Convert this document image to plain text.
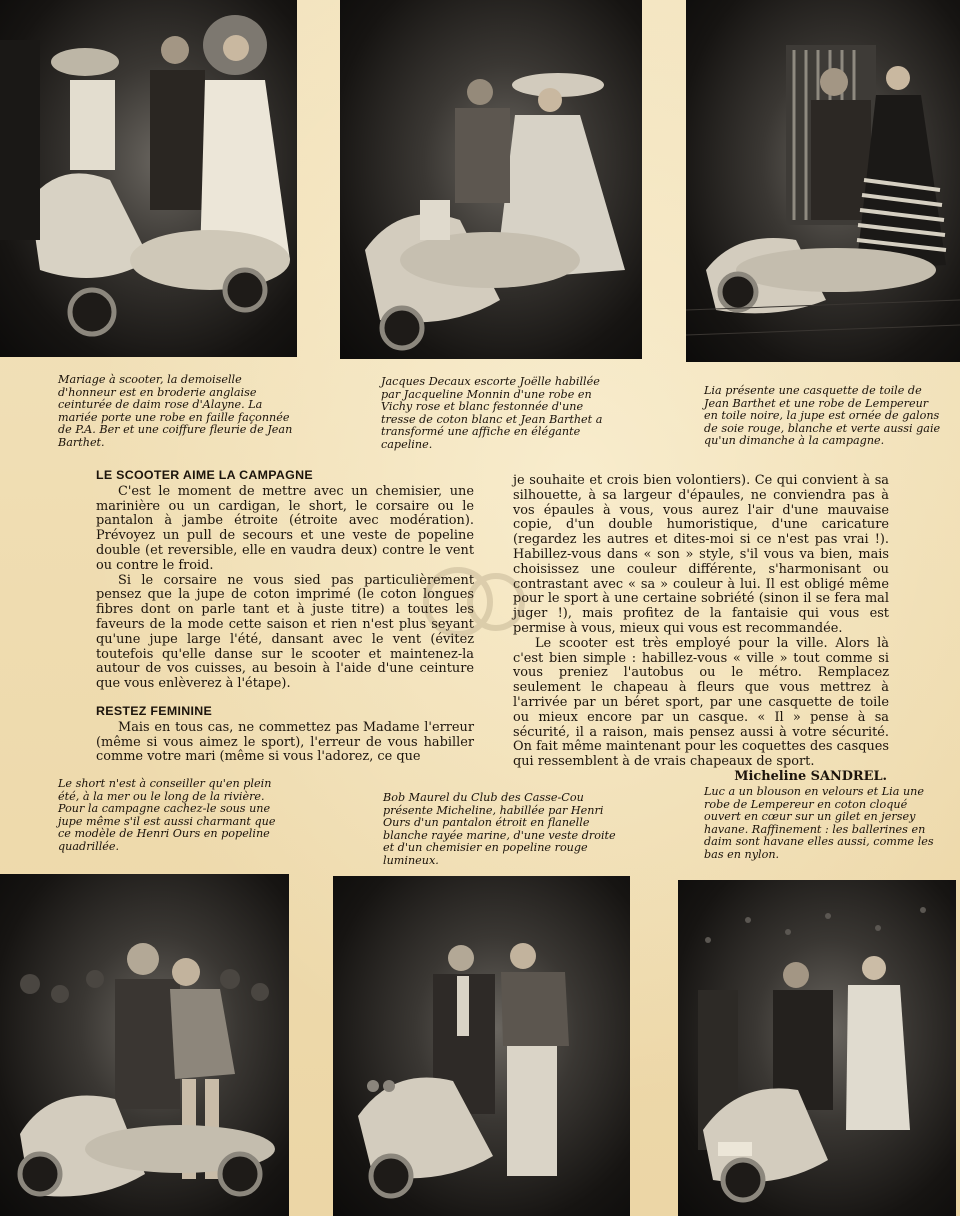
Mariage à scooter, la demoiselle d'honneur est en broderie anglaise ceinturée de daim rose d'Alayne. La mariée porte une robe en faille façonnée de P.A. Ber et une coiffure fleurie de Jean Barthet.

Jacques Decaux escorte Joëlle habillée par Jacqueline Monnin d'une robe en Vichy rose et blanc festonnée d'une tresse de coton blanc et Jean Barthet a transformé une affiche en élégante capeline.

Lia présente une casquette de toile de Jean Barthet et une robe de Lempereur en toile noire, la jupe est ornée de galons de soie rouge, blanche et verte aussi gaie qu'un dimanche à la campagne.

LE SCOOTER AIME LA CAMPAGNE

C'est le moment de mettre avec un chemisier, une marinière ou un cardigan, le short, le corsaire ou le pantalon à jambe étroite (étroite avec modération). Prévoyez un pull de secours et une veste de popeline double (et reversible, elle en vaudra deux) contre le vent ou contre le froid.

Si le corsaire ne vous sied pas particulièrement pensez que la jupe de coton imprimé (le coton longues fibres dont on parle tant et à juste titre) a toutes les faveurs de la mode cette saison et rien n'est plus seyant qu'une jupe large l'été, dansant avec le vent (évitez toutefois qu'elle danse sur le scooter et maintenez-la autour de vos cuisses, au besoin à l'aide d'une ceinture que vous enlèverez à l'étape).

RESTEZ FEMININE

Mais en tous cas, ne commettez pas Madame l'erreur (même si vous aimez le sport), l'erreur de vous habiller comme votre mari (même si vous l'adorez, ce que

je souhaite et crois bien volontiers). Ce qui convient à sa silhouette, à sa largeur d'épaules, ne conviendra pas à vos épaules à vous, vous aurez l'air d'une mauvaise copie, d'un double humoristique, d'une caricature (regardez les autres et dites-moi si ce n'est pas vrai !). Habillez-vous dans « son » style, s'il vous va bien, mais choisissez une couleur différente, s'harmonisant ou contrastant avec « sa » couleur à lui. Il est obligé même pour le sport à une certaine sobriété (sinon il se fera mal juger !), mais profitez de la fantaisie qui vous est permise à vous, mieux qui vous est recommandée.

Le scooter est très employé pour la ville. Alors là c'est bien simple : habillez-vous « ville » tout comme si vous preniez l'autobus ou le métro. Remplacez seulement le chapeau à fleurs que vous mettrez à l'arrivée par un béret sport, par une casquette de toile ou mieux encore par un casque. « Il » pense à sa sécurité, il a raison, mais pensez aussi à votre sécurité. On fait même maintenant pour les coquettes des casques qui ressemblent à de vrais chapeaux de sport.

Micheline SANDREL.

Le short n'est à conseiller qu'en plein été, à la mer ou le long de la rivière. Pour la campagne cachez-le sous une jupe même s'il est aussi charmant que ce modèle de Henri Ours en popeline quadrillée.

Bob Maurel du Club des Casse-Cou présente Micheline, habillée par Henri Ours d'un pantalon étroit en flanelle blanche rayée marine, d'une veste droite et d'un chemisier en popeline rouge lumineux.

Luc a un blouson en velours et Lia une robe de Lempereur en coton cloqué ouvert en cœur sur un gilet en jersey havane. Raffinement : les ballerines en daim sont havane elles aussi, comme les bas en nylon.
